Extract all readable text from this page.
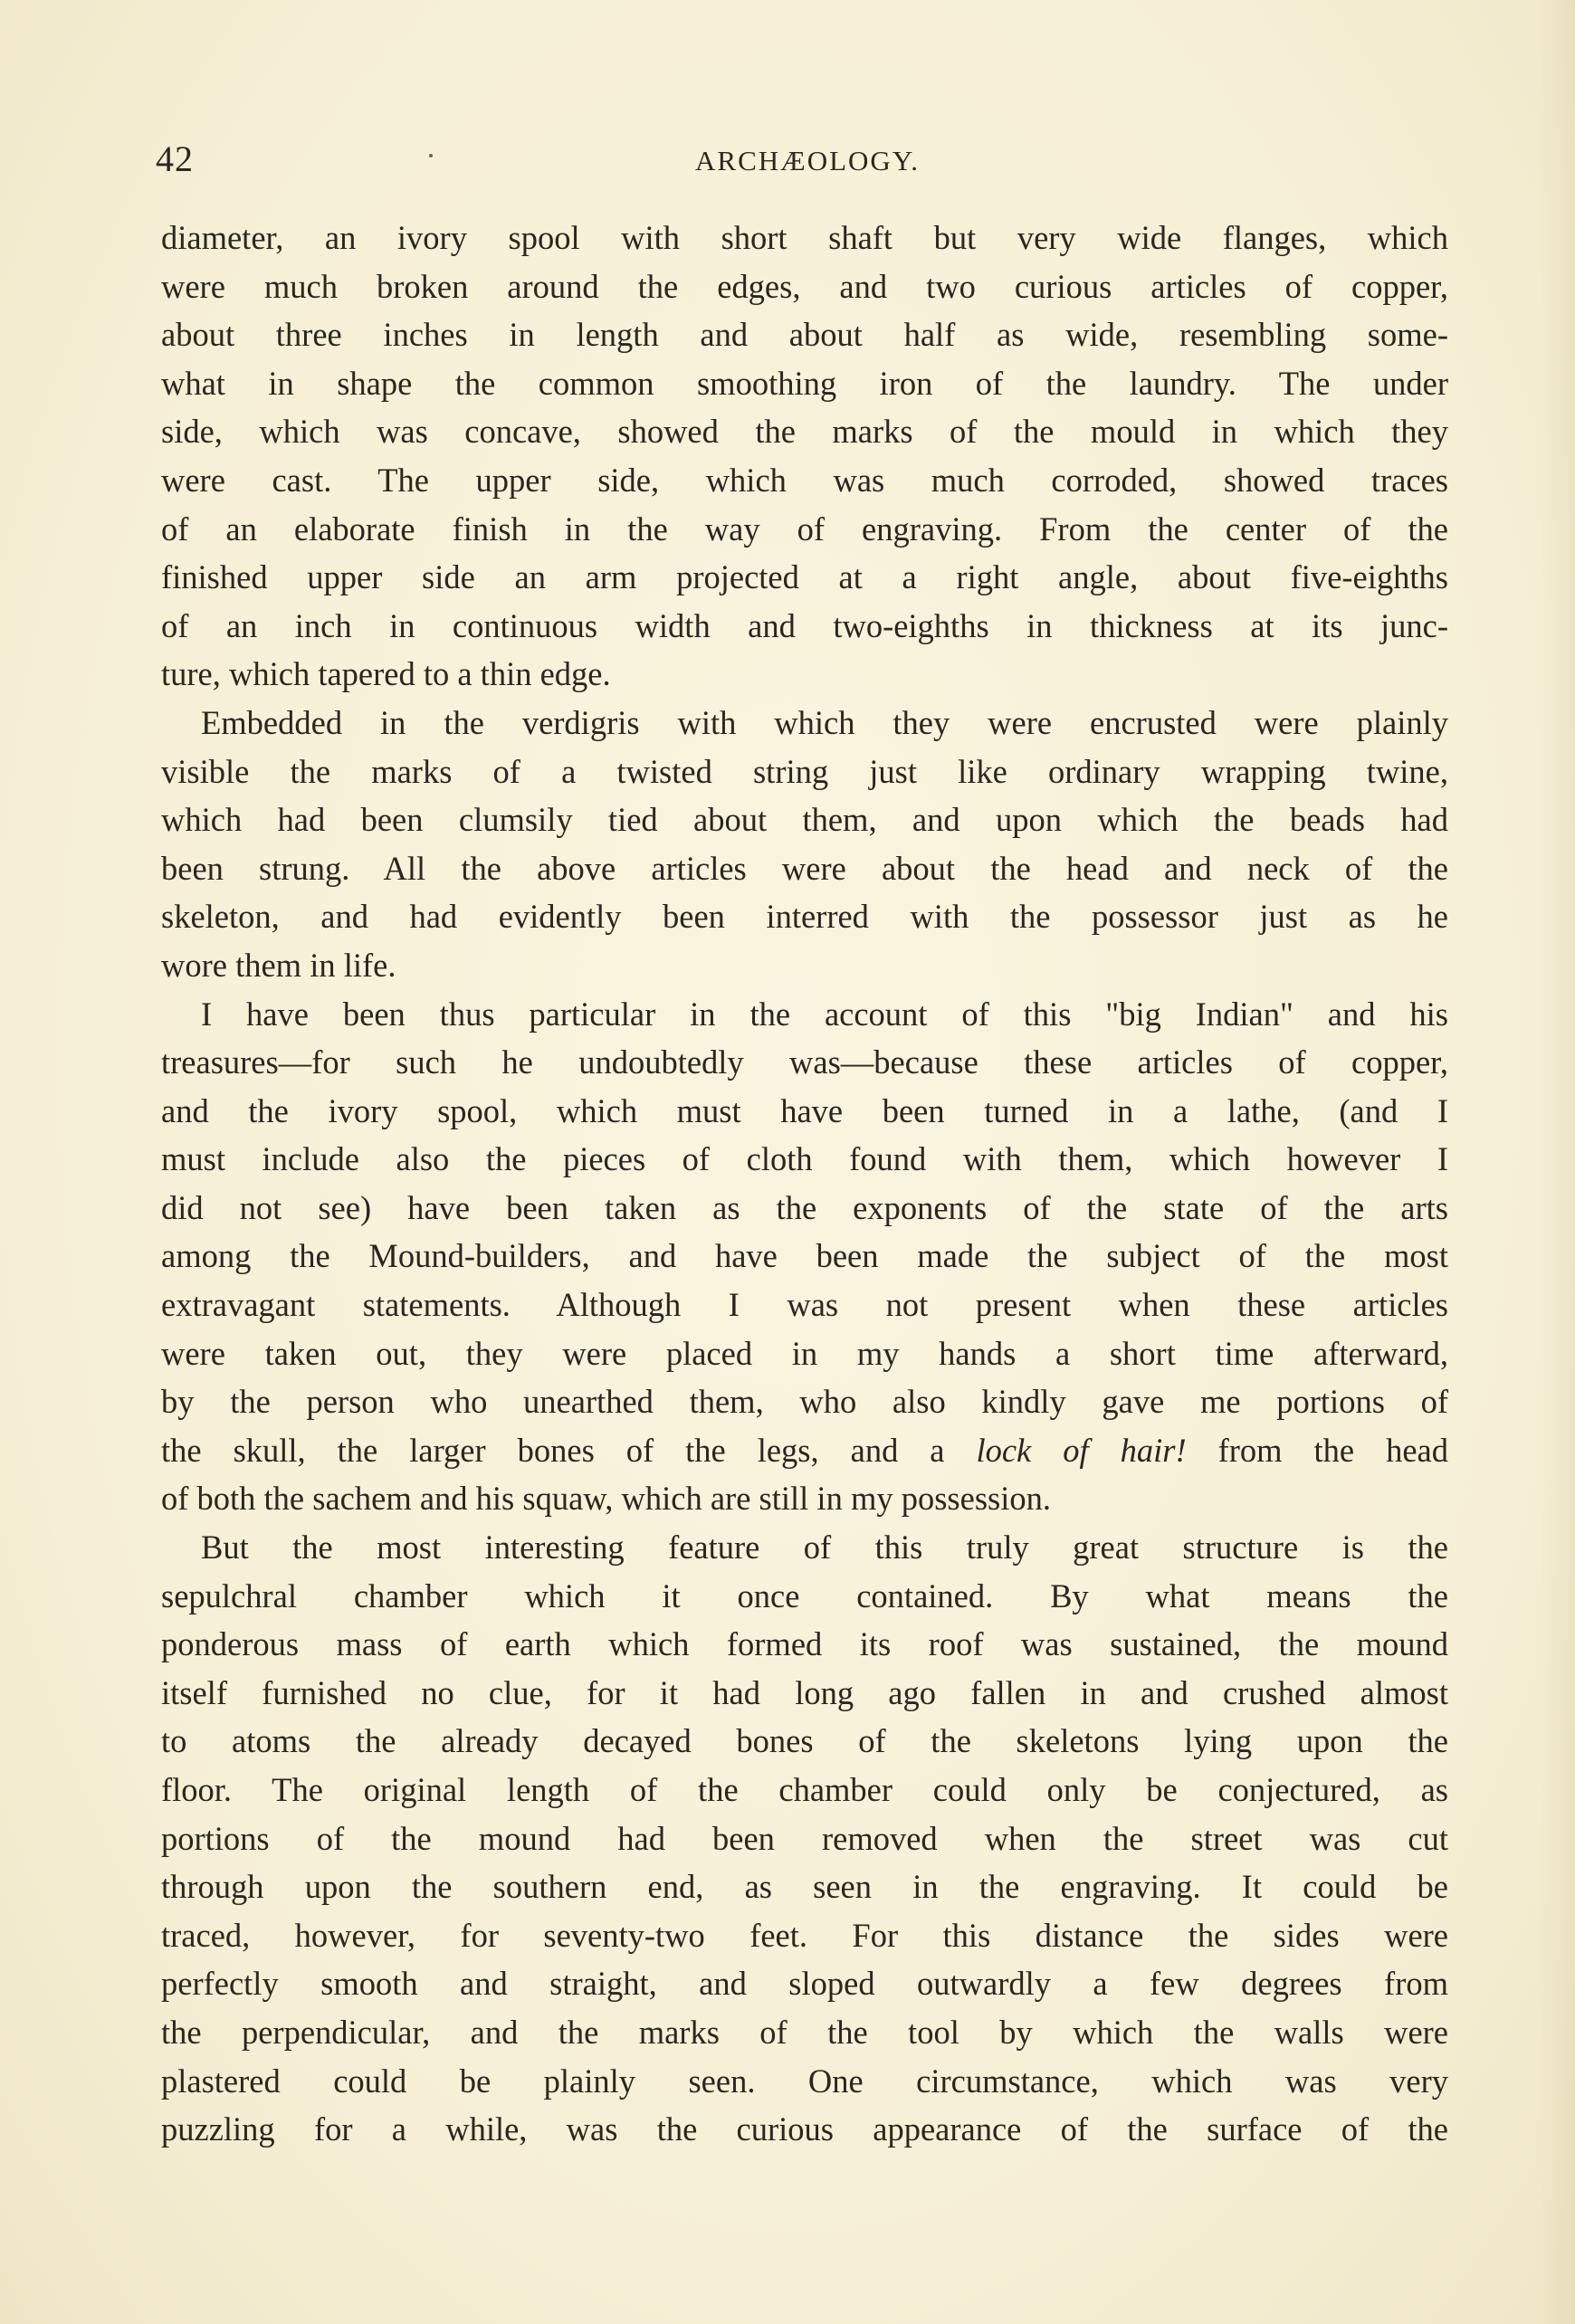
42	ARCHÆOLOGY.
diameter, an ivory spool with short shaft but very wide flanges, which
were much broken around the edges, and two curious articles of copper,
about three inches in length and about half as wide, resembling some-
what in shape the common smoothing iron of the laundry. The under
side, which was concave, showed the marks of the mould in which they
were cast. The upper side, which was much corroded, showed traces
of an elaborate finish in the way of engraving. From the center of the
finished upper side an arm projected at a right angle, about five-eighths
of an inch in continuous width and two-eighths in thickness at its junc-
ture, which tapered to a thin edge.
Embedded in the verdigris with which they were encrusted were plainly
visible the marks of a twisted string just like ordinary wrapping twine,
which had been clumsily tied about them, and upon which the beads had
been strung. All the above articles were about the head and neck of the
skeleton, and had evidently been interred with the possessor just as he
wore them in life.
I have been thus particular in the account of this "big Indian" and his
treasures—for such he undoubtedly was—because these articles of copper,
and the ivory spool, which must have been turned in a lathe, (and I
must include also the pieces of cloth found with them, which however I
did not see) have been taken as the exponents of the state of the arts
among the Mound-builders, and have been made the subject of the most
extravagant statements. Although I was not present when these articles
were taken out, they were placed in my hands a short time afterward,
by the person who unearthed them, who also kindly gave me portions of
the skull, the larger bones of the legs, and a lock of hair! from the head
of both the sachem and his squaw, which are still in my possession.
But the most interesting feature of this truly great structure is the
sepulchral chamber which it once contained. By what means the
ponderous mass of earth which formed its roof was sustained, the mound
itself furnished no clue, for it had long ago fallen in and crushed almost
to atoms the already decayed bones of the skeletons lying upon the
floor. The original length of the chamber could only be conjectured, as
portions of the mound had been removed when the street was cut
through upon the southern end, as seen in the engraving. It could be
traced, however, for seventy-two feet. For this distance the sides were
perfectly smooth and straight, and sloped outwardly a few degrees from
the perpendicular, and the marks of the tool by which the walls were
plastered could be plainly seen. One circumstance, which was very
puzzling for a while, was the curious appearance of the surface of the
